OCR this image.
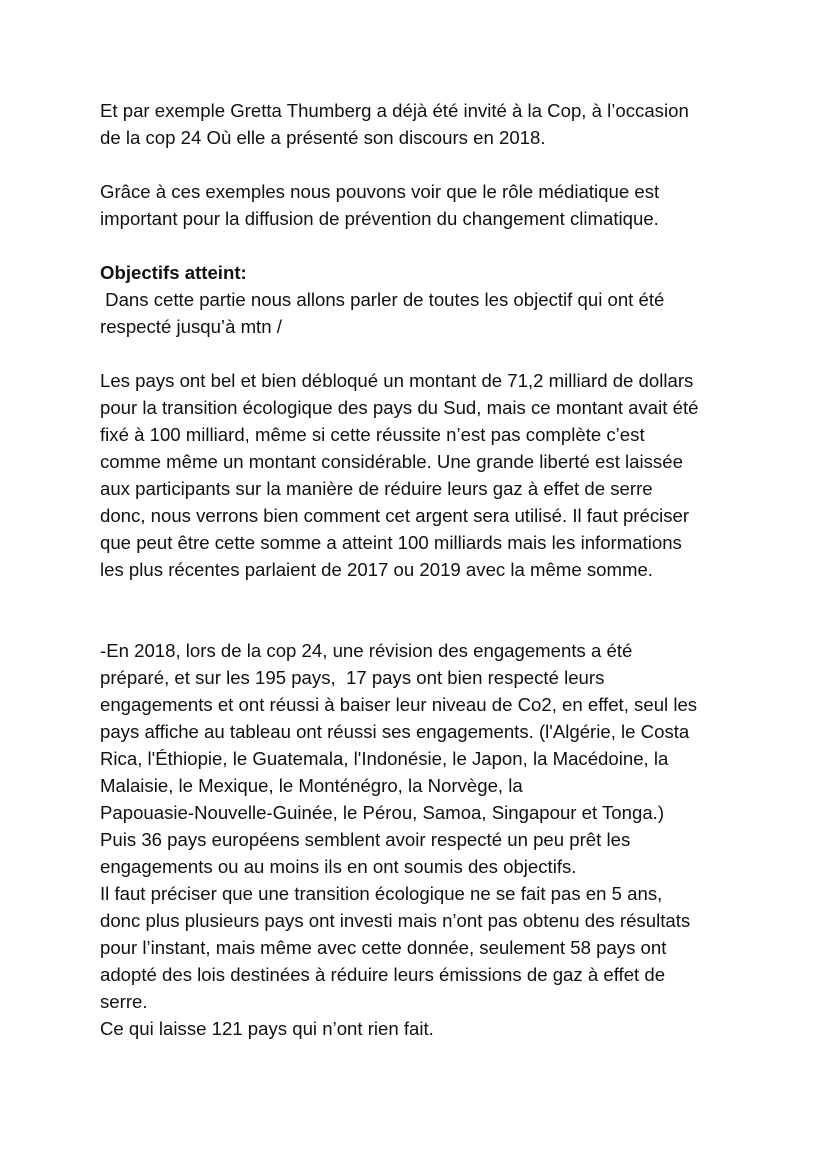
Et par exemple Gretta Thumberg a déjà été invité à la Cop, à l’occasion
de la cop 24 Où elle a présenté son discours en 2018.
Grâce à ces exemples nous pouvons voir que le rôle médiatique est
important pour la diffusion de prévention du changement climatique.
Objectifs atteint:
Dans cette partie nous allons parler de toutes les objectif qui ont été
respecté jusqu’à mtn /
Les pays ont bel et bien débloqué un montant de 71,2 milliard de dollars
pour la transition écologique des pays du Sud, mais ce montant avait été
fixé à 100 milliard, même si cette réussite n’est pas complète c’est
comme même un montant considérable. Une grande liberté est laissée
aux participants sur la manière de réduire leurs gaz à effet de serre
donc, nous verrons bien comment cet argent sera utilisé. Il faut préciser
que peut être cette somme a atteint 100 milliards mais les informations
les plus récentes parlaient de 2017 ou 2019 avec la même somme.
-En 2018, lors de la cop 24, une révision des engagements a été
préparé, et sur les 195 pays,  17 pays ont bien respecté leurs
engagements et ont réussi à baiser leur niveau de Co2, en effet, seul les
pays affiche au tableau ont réussi ses engagements. (l'Algérie, le Costa
Rica, l'Éthiopie, le Guatemala, l'Indonésie, le Japon, la Macédoine, la
Malaisie, le Mexique, le Monténégro, la Norvège, la
Papouasie-Nouvelle-Guinée, le Pérou, Samoa, Singapour et Tonga.)
Puis 36 pays européens semblent avoir respecté un peu prêt les
engagements ou au moins ils en ont soumis des objectifs.
Il faut préciser que une transition écologique ne se fait pas en 5 ans,
donc plus plusieurs pays ont investi mais n’ont pas obtenu des résultats
pour l’instant, mais même avec cette donnée, seulement 58 pays ont
adopté des lois destinées à réduire leurs émissions de gaz à effet de
serre.
Ce qui laisse 121 pays qui n’ont rien fait.
